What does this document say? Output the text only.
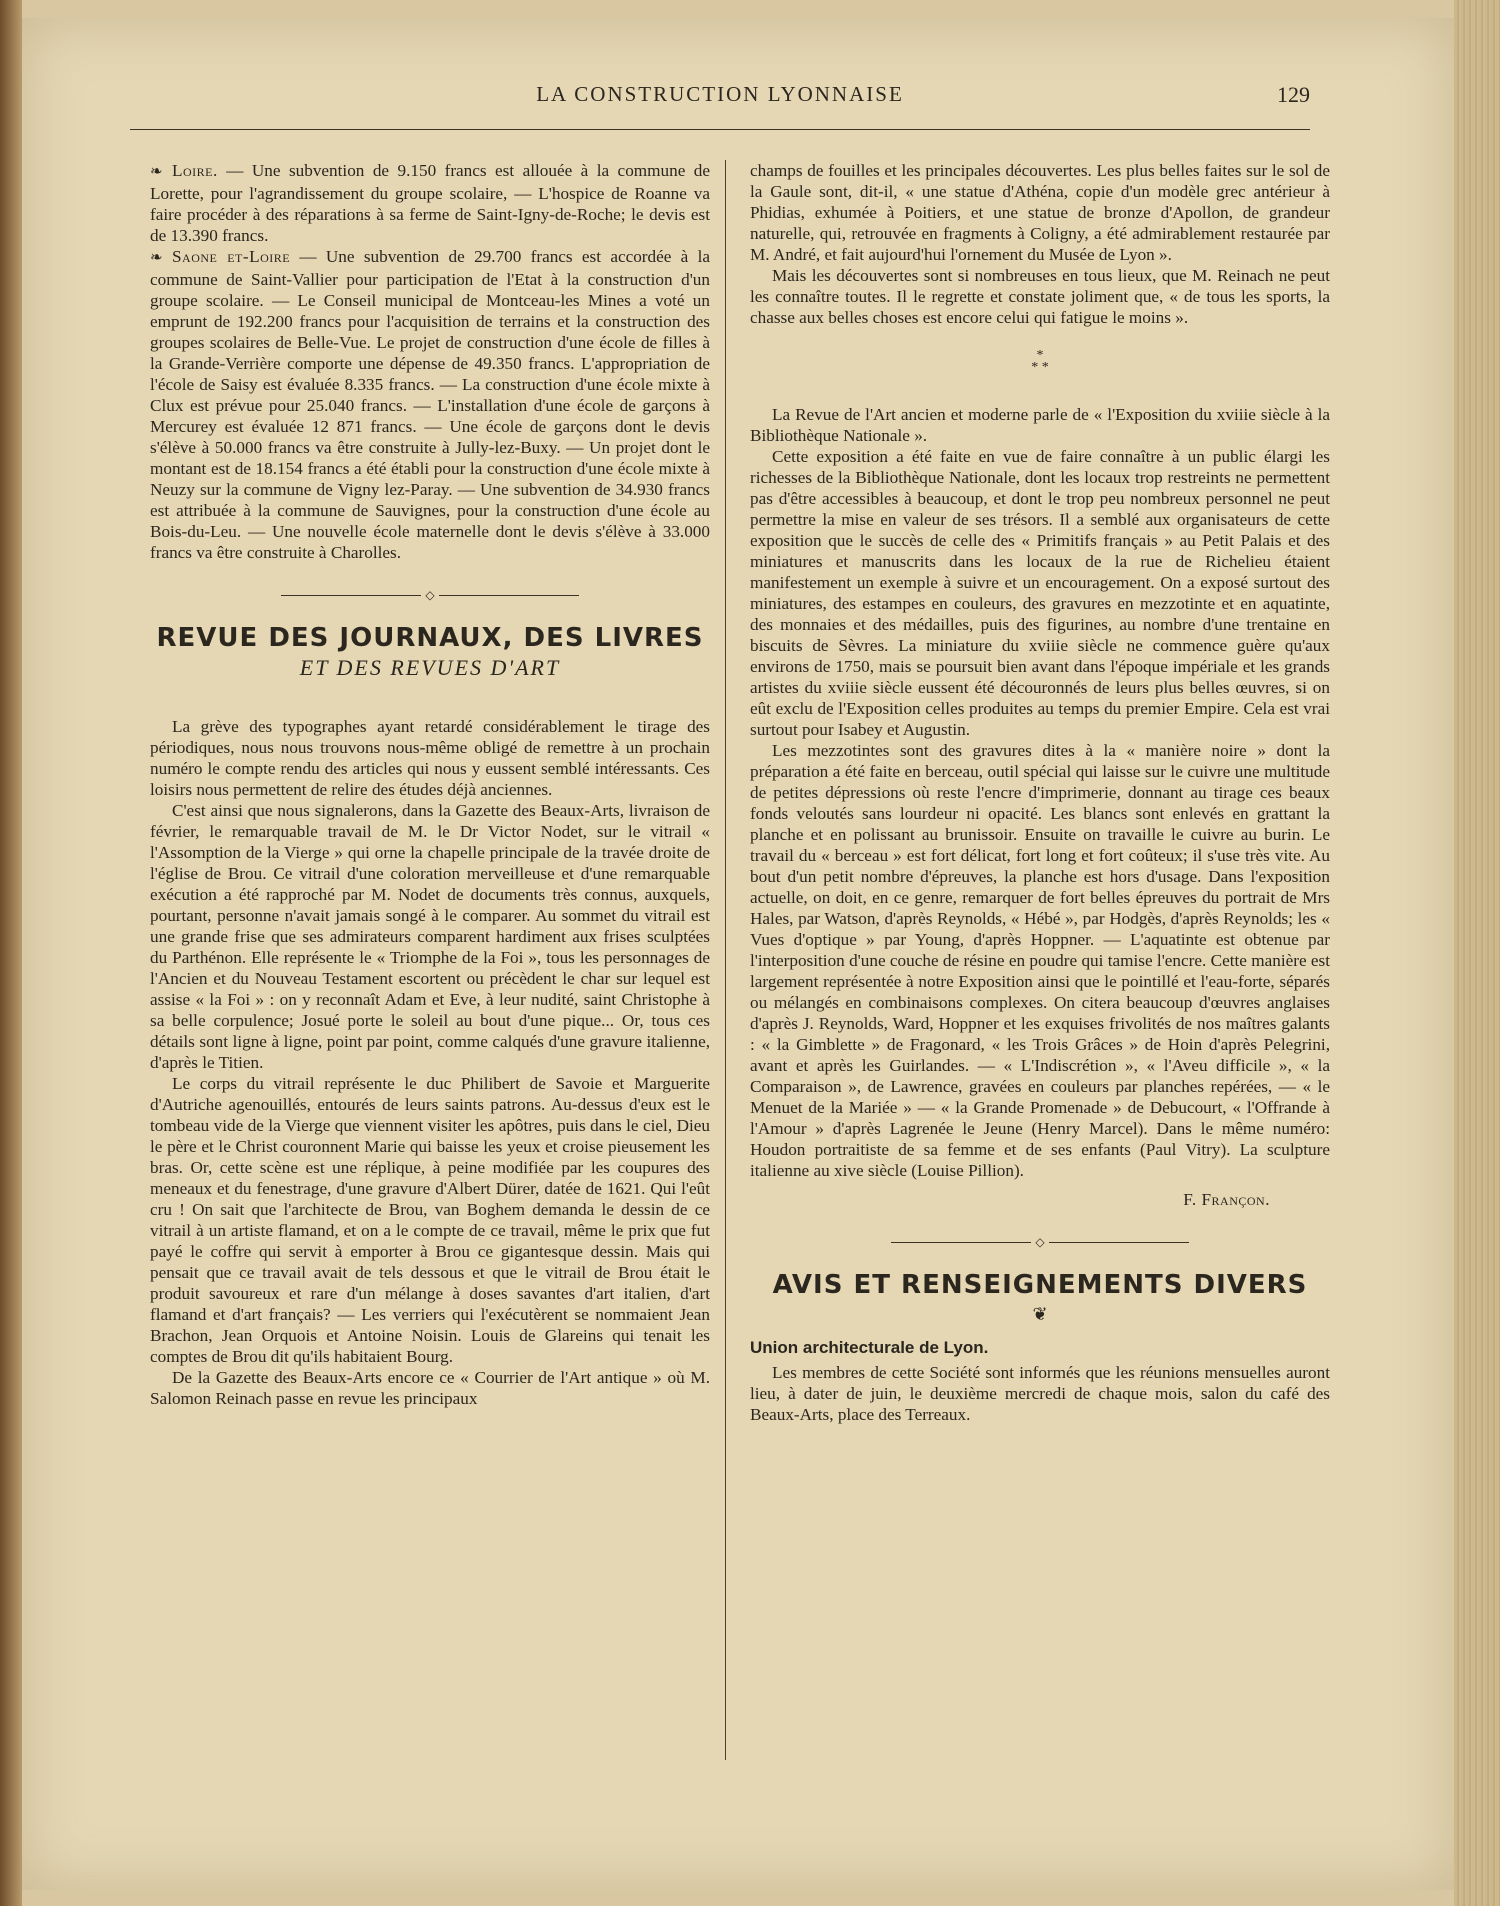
LA CONSTRUCTION LYONNAISE	129

❧ Loire. — Une subvention de 9.150 francs est allouée à la commune de Lorette, pour l'agrandissement du groupe scolaire, — L'hospice de Roanne va faire procéder à des réparations à sa ferme de Saint-Igny-de-Roche; le devis est de 13.390 francs.

❧ Saone et-Loire — Une subvention de 29.700 francs est accordée à la commune de Saint-Vallier pour participation de l'Etat à la construction d'un groupe scolaire. — Le Conseil municipal de Montceau-les Mines a voté un emprunt de 192.200 francs pour l'acquisition de terrains et la construction des groupes scolaires de Belle-Vue. Le projet de construction d'une école de filles à la Grande-Verrière comporte une dépense de 49.350 francs. L'appropriation de l'école de Saisy est évaluée 8.335 francs. — La construction d'une école mixte à Clux est prévue pour 25.040 francs. — L'installation d'une école de garçons à Mercurey est évaluée 12 871 francs. — Une école de garçons dont le devis s'élève à 50.000 francs va être construite à Jully-lez-Buxy. — Un projet dont le montant est de 18.154 francs a été établi pour la construction d'une école mixte à Neuzy sur la commune de Vigny lez-Paray. — Une subvention de 34.930 francs est attribuée à la commune de Sauvignes, pour la construction d'une école au Bois-du-Leu. — Une nouvelle école maternelle dont le devis s'élève à 33.000 francs va être construite à Charolles.

◇
REVUE DES JOURNAUX, DES LIVRES
ET DES REVUES D'ART

La grève des typographes ayant retardé considérablement le tirage des périodiques, nous nous trouvons nous-même obligé de remettre à un prochain numéro le compte rendu des articles qui nous y eussent semblé intéressants. Ces loisirs nous permettent de relire des études déjà anciennes.

C'est ainsi que nous signalerons, dans la Gazette des Beaux-Arts, livraison de février, le remarquable travail de M. le Dr Victor Nodet, sur le vitrail « l'Assomption de la Vierge » qui orne la chapelle principale de la travée droite de l'église de Brou. Ce vitrail d'une coloration merveilleuse et d'une remarquable exécution a été rapproché par M. Nodet de documents très connus, auxquels, pourtant, personne n'avait jamais songé à le comparer. Au sommet du vitrail est une grande frise que ses admirateurs comparent hardiment aux frises sculptées du Parthénon. Elle représente le « Triomphe de la Foi », tous les personnages de l'Ancien et du Nouveau Testament escortent ou précèdent le char sur lequel est assise « la Foi » : on y reconnaît Adam et Eve, à leur nudité, saint Christophe à sa belle corpulence; Josué porte le soleil au bout d'une pique... Or, tous ces détails sont ligne à ligne, point par point, comme calqués d'une gravure italienne, d'après le Titien.

Le corps du vitrail représente le duc Philibert de Savoie et Marguerite d'Autriche agenouillés, entourés de leurs saints patrons. Au-dessus d'eux est le tombeau vide de la Vierge que viennent visiter les apôtres, puis dans le ciel, Dieu le père et le Christ couronnent Marie qui baisse les yeux et croise pieusement les bras. Or, cette scène est une réplique, à peine modifiée par les coupures des meneaux et du fenestrage, d'une gravure d'Albert Dürer, datée de 1621. Qui l'eût cru ! On sait que l'architecte de Brou, van Boghem demanda le dessin de ce vitrail à un artiste flamand, et on a le compte de ce travail, même le prix que fut payé le coffre qui servit à emporter à Brou ce gigantesque dessin. Mais qui pensait que ce travail avait de tels dessous et que le vitrail de Brou était le produit savoureux et rare d'un mélange à doses savantes d'art italien, d'art flamand et d'art français? — Les verriers qui l'exécutèrent se nommaient Jean Brachon, Jean Orquois et Antoine Noisin. Louis de Glareins qui tenait les comptes de Brou dit qu'ils habitaient Bourg.

De la Gazette des Beaux-Arts encore ce « Courrier de l'Art antique » où M. Salomon Reinach passe en revue les principaux

champs de fouilles et les principales découvertes. Les plus belles faites sur le sol de la Gaule sont, dit-il, « une statue d'Athéna, copie d'un modèle grec antérieur à Phidias, exhumée à Poitiers, et une statue de bronze d'Apollon, de grandeur naturelle, qui, retrouvée en fragments à Coligny, a été admirablement restaurée par M. André, et fait aujourd'hui l'ornement du Musée de Lyon ».

Mais les découvertes sont si nombreuses en tous lieux, que M. Reinach ne peut les connaître toutes. Il le regrette et constate joliment que, « de tous les sports, la chasse aux belles choses est encore celui qui fatigue le moins ».

*
* *

La Revue de l'Art ancien et moderne parle de « l'Exposition du xviiie siècle à la Bibliothèque Nationale ».

Cette exposition a été faite en vue de faire connaître à un public élargi les richesses de la Bibliothèque Nationale, dont les locaux trop restreints ne permettent pas d'être accessibles à beaucoup, et dont le trop peu nombreux personnel ne peut permettre la mise en valeur de ses trésors. Il a semblé aux organisateurs de cette exposition que le succès de celle des « Primitifs français » au Petit Palais et des miniatures et manuscrits dans les locaux de la rue de Richelieu étaient manifestement un exemple à suivre et un encouragement. On a exposé surtout des miniatures, des estampes en couleurs, des gravures en mezzotinte et en aquatinte, des monnaies et des médailles, puis des figurines, au nombre d'une trentaine en biscuits de Sèvres. La miniature du xviiie siècle ne commence guère qu'aux environs de 1750, mais se poursuit bien avant dans l'époque impériale et les grands artistes du xviiie siècle eussent été découronnés de leurs plus belles œuvres, si on eût exclu de l'Exposition celles produites au temps du premier Empire. Cela est vrai surtout pour Isabey et Augustin.

Les mezzotintes sont des gravures dites à la « manière noire » dont la préparation a été faite en berceau, outil spécial qui laisse sur le cuivre une multitude de petites dépressions où reste l'encre d'imprimerie, donnant au tirage ces beaux fonds veloutés sans lourdeur ni opacité. Les blancs sont enlevés en grattant la planche et en polissant au brunissoir. Ensuite on travaille le cuivre au burin. Le travail du « berceau » est fort délicat, fort long et fort coûteux; il s'use très vite. Au bout d'un petit nombre d'épreuves, la planche est hors d'usage. Dans l'exposition actuelle, on doit, en ce genre, remarquer de fort belles épreuves du portrait de Mrs Hales, par Watson, d'après Reynolds, « Hébé », par Hodgès, d'après Reynolds; les « Vues d'optique » par Young, d'après Hoppner. — L'aquatinte est obtenue par l'interposition d'une couche de résine en poudre qui tamise l'encre. Cette manière est largement représentée à notre Exposition ainsi que le pointillé et l'eau-forte, séparés ou mélangés en combinaisons complexes. On citera beaucoup d'œuvres anglaises d'après J. Reynolds, Ward, Hoppner et les exquises frivolités de nos maîtres galants : « la Gimblette » de Fragonard, « les Trois Grâces » de Hoin d'après Pelegrini, avant et après les Guirlandes. — « L'Indiscrétion », « l'Aveu difficile », « la Comparaison », de Lawrence, gravées en couleurs par planches repérées, — « le Menuet de la Mariée » — « la Grande Promenade » de Debucourt, « l'Offrande à l'Amour » d'après Lagrenée le Jeune (Henry Marcel). Dans le même numéro: Houdon portraitiste de sa femme et de ses enfants (Paul Vitry). La sculpture italienne au xive siècle (Louise Pillion).

F. Françon.
◇
AVIS ET RENSEIGNEMENTS DIVERS
❦
Union architecturale de Lyon.

Les membres de cette Société sont informés que les réunions mensuelles auront lieu, à dater de juin, le deuxième mercredi de chaque mois, salon du café des Beaux-Arts, place des Terreaux.
